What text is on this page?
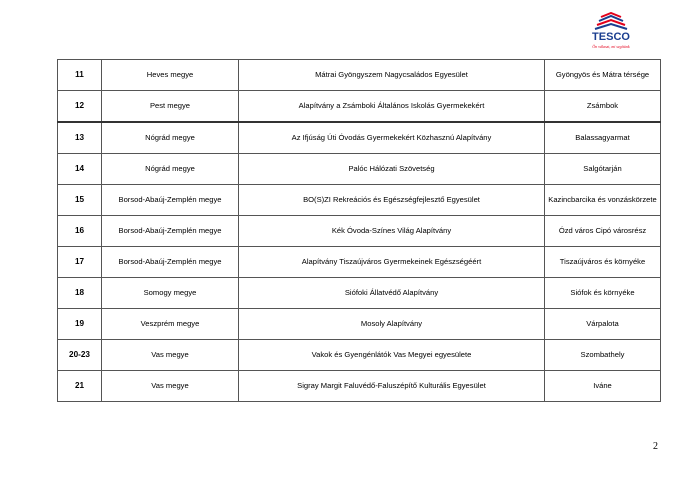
TESCO
Ön választ, mi segítünk
11	Heves megye	Mátrai Gyöngyszem Nagycsaládos Egyesület	Gyöngyös és Mátra térsége
12	Pest megye	Alapítvány a Zsámboki Általános Iskolás Gyermekekért	Zsámbok
13	Nógrád megye	Az Ifjúság Úti Óvodás Gyermekekért Közhasznú Alapítvány	Balassagyarmat
14	Nógrád megye	Palóc Hálózati Szövetség	Salgótarján
15	Borsod-Abaúj-Zemplén megye	BO(S)ZI Rekreációs és Egészségfejlesztő Egyesület	Kazincbarcika és vonzáskörzete
16	Borsod-Abaúj-Zemplén megye	Kék Óvoda-Színes Világ Alapítvány	Ózd város Cipó városrész
17	Borsod-Abaúj-Zemplén megye	Alapítvány Tiszaújváros Gyermekeinek Egészségéért	Tiszaújváros és környéke
18	Somogy megye	Siófoki Állatvédő Alapítvány	Siófok és környéke
19	Veszprém megye	Mosoly Alapítvány	Várpalota
20-23	Vas megye	Vakok és Gyengénlátók Vas Megyei egyesülete	Szombathely
21	Vas megye	Sigray Margit Faluvédő-Faluszépítő Kulturális Egyesület	Iváne
2
